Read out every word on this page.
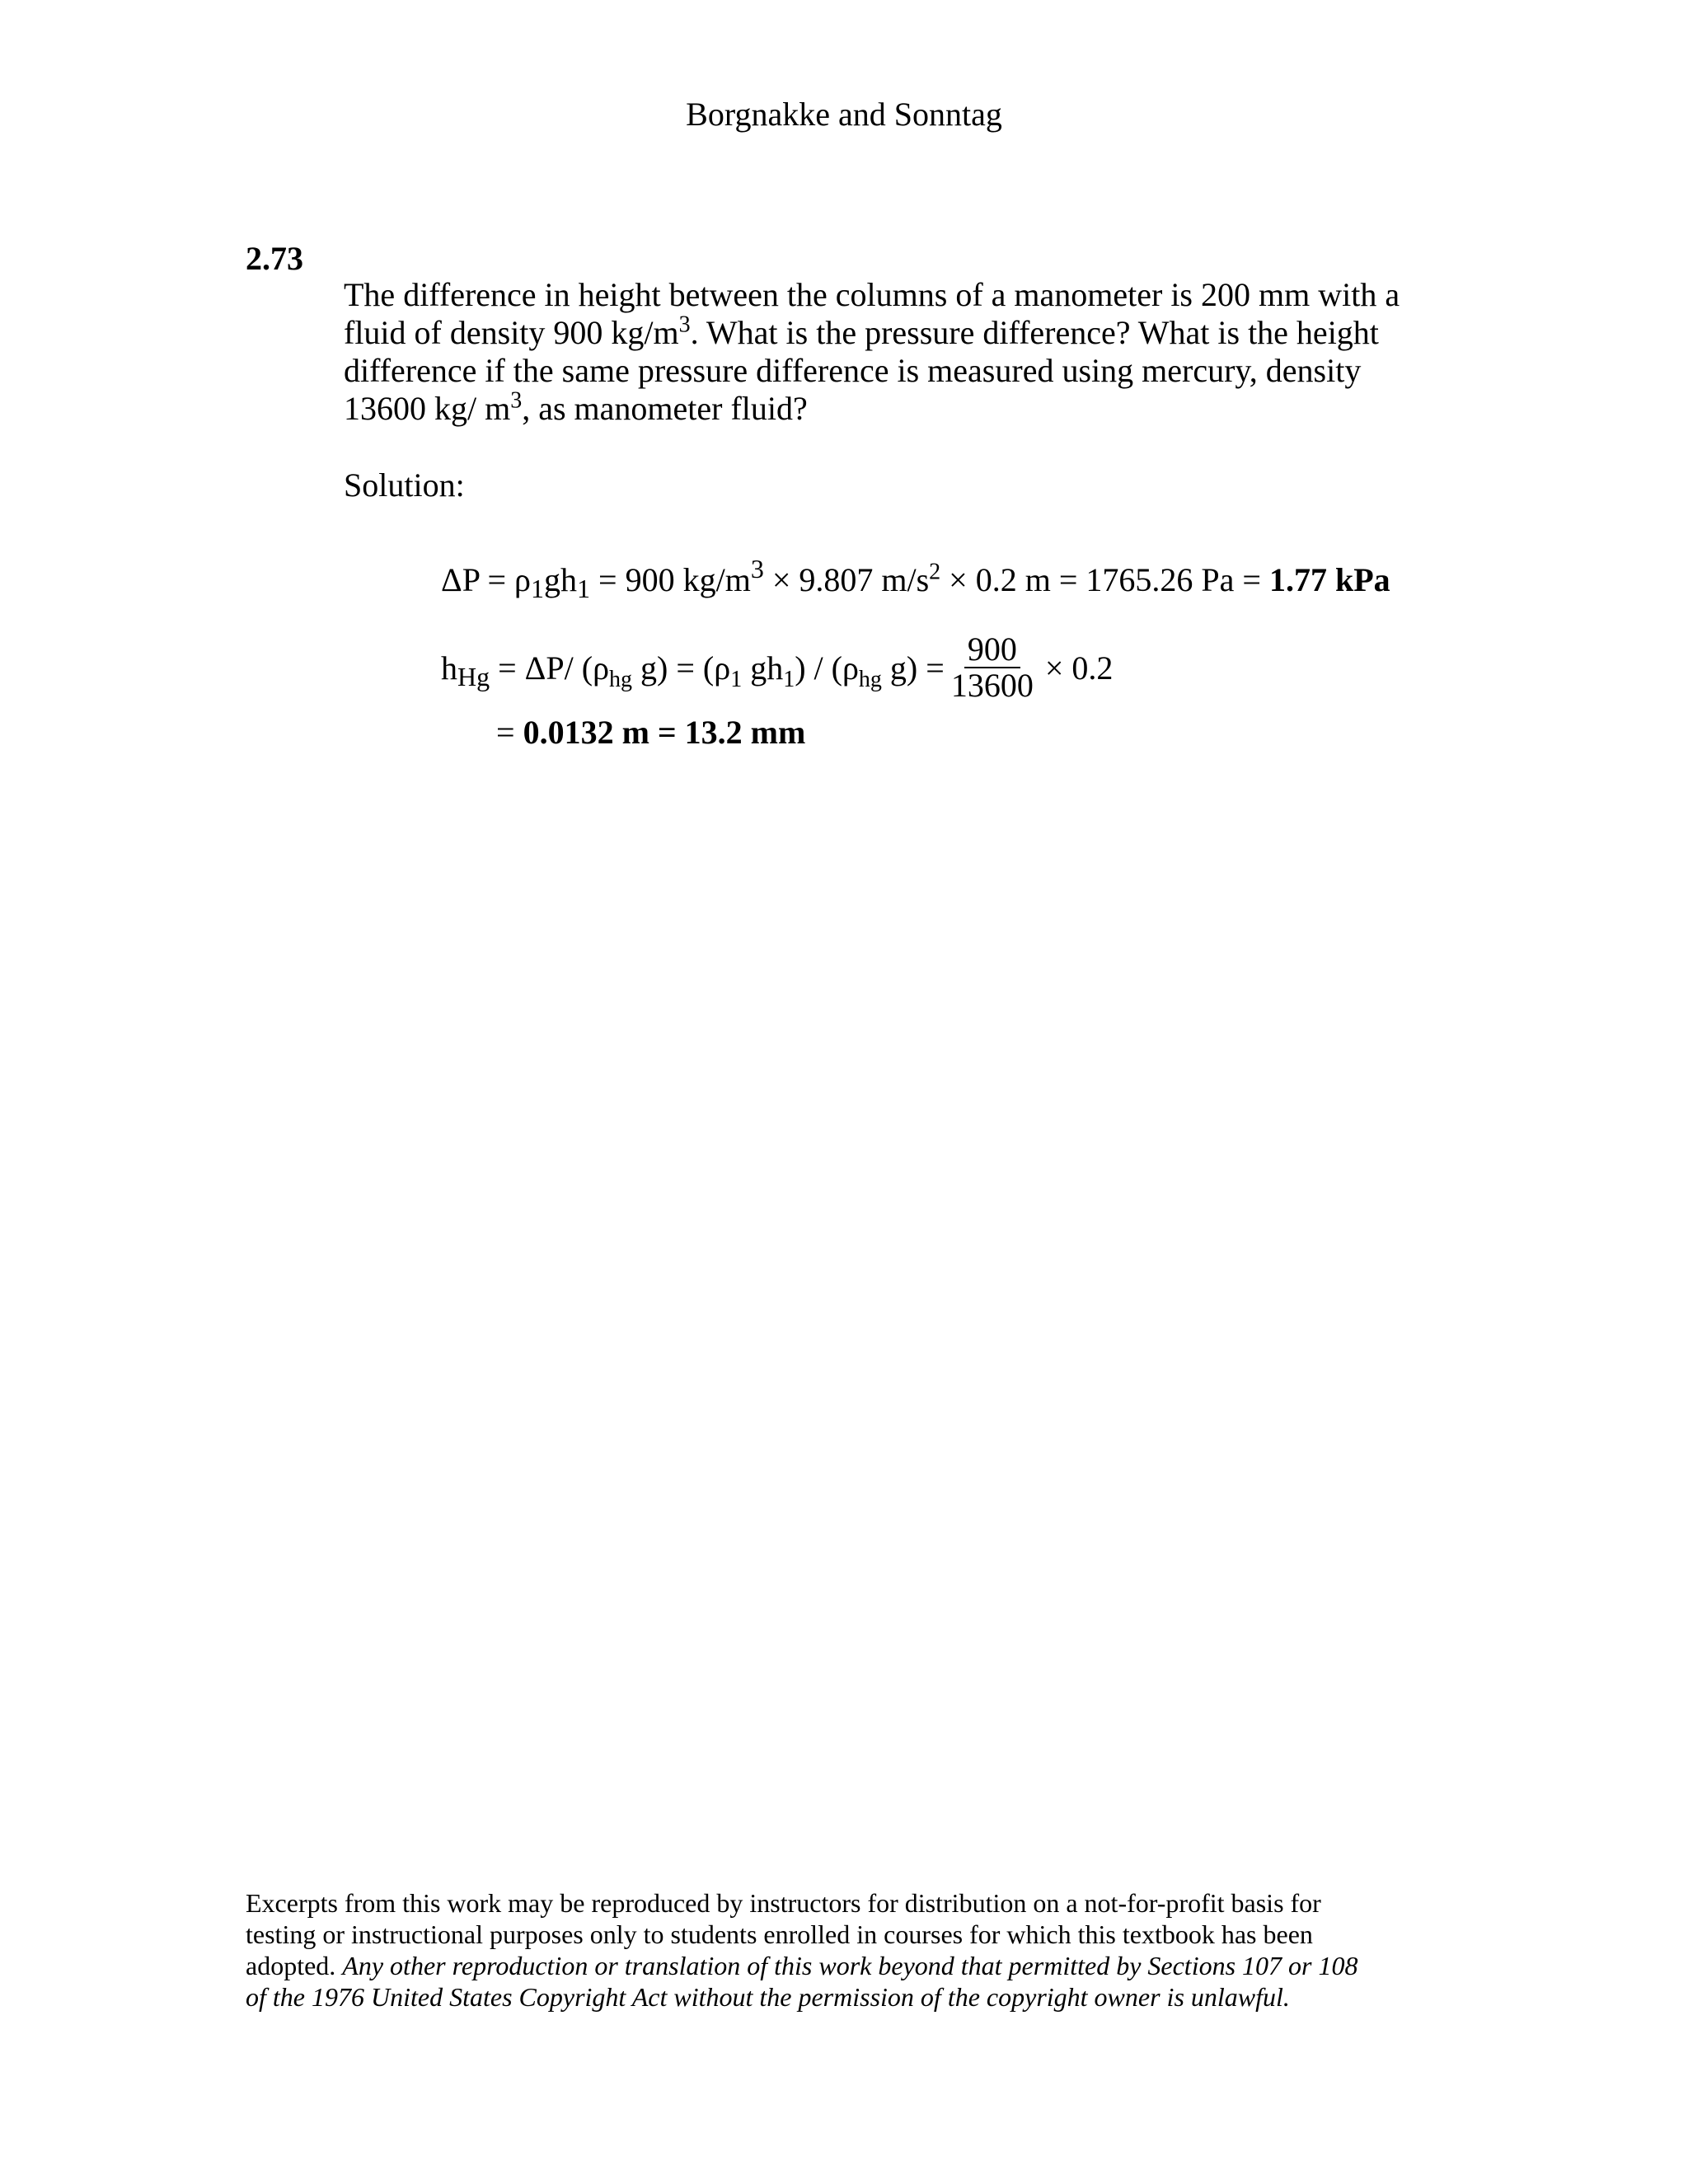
Borgnakke and Sonntag
2.73
The difference in height between the columns of a manometer is 200 mm with a
fluid of density 900 $kg/m^3$. What is the pressure difference? What is the height
difference if the same pressure difference is measured using mercury, density
13600 kg/ $m^3$, as manometer fluid?
Solution:
$\Delta P = \rho_1gh_1 = 900$ $kg/m^3 \times 9.807$ $m/s^2 \times 0.2$ m = 1765.26 Pa = 1.77 kPa
$h_{Hg} = \Delta P/$ ($\rho_{hg}$ $g) = (\rho_1$ $gh_1) / (\rho_{hg}$ $g) = \frac{900}{13600} \times 0.2$
= 0.0132 m = 13.2 mm
Excerpts from this work may be reproduced by instructors for distribution on a not-for-profit basis for
testing or instructional purposes only to students enrolled in courses for which this textbook has been
adopted. Any other reproduction or translation of this work beyond that permitted by Sections 107 or 108
of the 1976 United States Copyright Act without the permission of the copyright owner is unlawful.
